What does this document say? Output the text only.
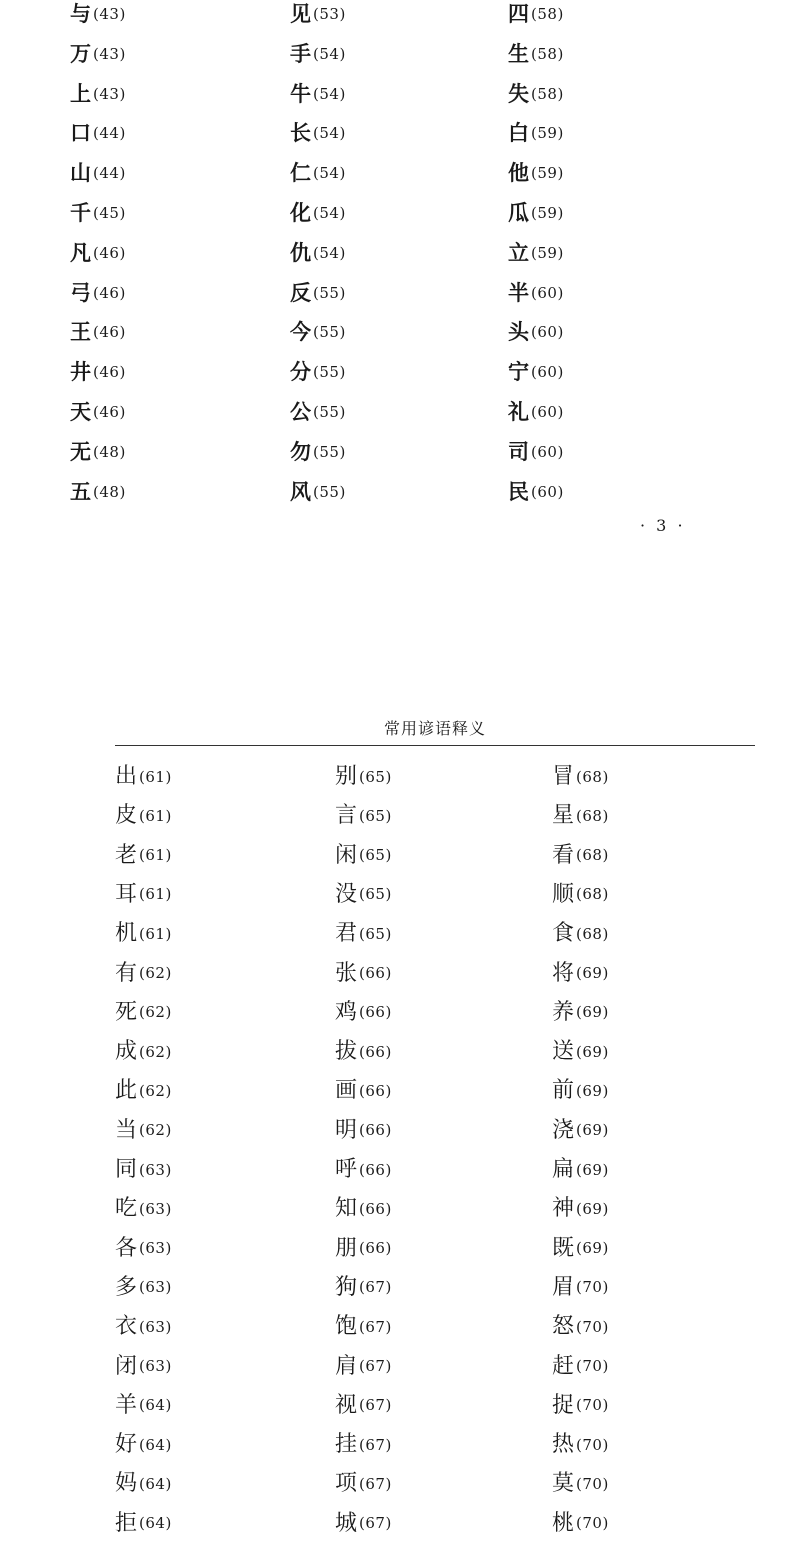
与 (43)
万 (43)
上 (43)
口 (44)
山 (44)
千 (45)
凡 (46)
弓 (46)
王 (46)
井 (46)
天 (46)
无 (48)
五 (48)
见 (53)
手 (54)
牛 (54)
长 (54)
仁 (54)
化 (54)
仇 (54)
反 (55)
今 (55)
分 (55)
公 (55)
勿 (55)
风 (55)
四 (58)
生 (58)
失 (58)
白 (59)
他 (59)
瓜 (59)
立 (59)
半 (60)
头 (60)
宁 (60)
礼 (60)
司 (60)
民 (60)
· 3 ·
常用谚语释义
出 (61)
皮 (61)
老 (61)
耳 (61)
机 (61)
有 (62)
死 (62)
成 (62)
此 (62)
当 (62)
同 (63)
吃 (63)
各 (63)
多 (63)
衣 (63)
闭 (63)
羊 (64)
好 (64)
妈 (64)
拒 (64)
别 (65)
言 (65)
闲 (65)
没 (65)
君 (65)
张 (66)
鸡 (66)
拔 (66)
画 (66)
明 (66)
呼 (66)
知 (66)
朋 (66)
狗 (67)
饱 (67)
肩 (67)
视 (67)
挂 (67)
项 (67)
城 (67)
冒 (68)
星 (68)
看 (68)
顺 (68)
食 (68)
将 (69)
养 (69)
送 (69)
前 (69)
浇 (69)
扁 (69)
神 (69)
既 (69)
眉 (70)
怒 (70)
赶 (70)
捉 (70)
热 (70)
莫 (70)
桃 (70)
